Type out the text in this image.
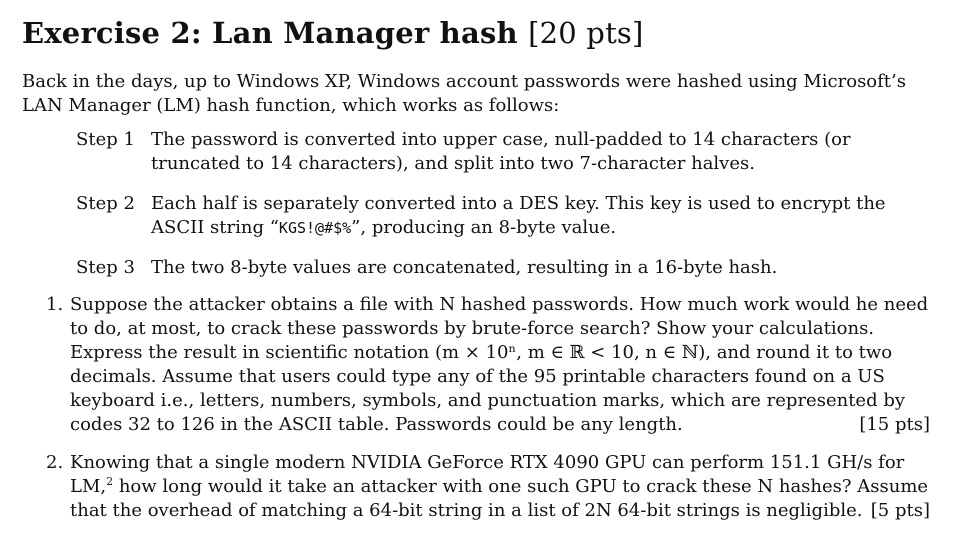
Exercise 2: Lan Manager hash [20 pts]
Back in the days, up to Windows XP, Windows account passwords were hashed using Microsoft’s LAN Manager (LM) hash function, which works as follows:
Step 1 The password is converted into upper case, null-padded to 14 characters (or truncated to 14 characters), and split into two 7-character halves.
Step 2 Each half is separately converted into a DES key. This key is used to encrypt the ASCII string “KGS!@#$%”, producing an 8-byte value.
Step 3 The two 8-byte values are concatenated, resulting in a 16-byte hash.
1. Suppose the attacker obtains a file with N hashed passwords. How much work would he need to do, at most, to crack these passwords by brute-force search? Show your calculations. Express the result in scientific notation (m × 10ⁿ, m ∈ ℝ < 10, n ∈ ℕ), and round it to two decimals. Assume that users could type any of the 95 printable characters found on a US keyboard i.e., letters, numbers, symbols, and punctuation marks, which are represented by codes 32 to 126 in the ASCII table. Passwords could be any length.	[15 pts]
2. Knowing that a single modern NVIDIA GeForce RTX 4090 GPU can perform 151.1 GH/s for LM,$^2$ how long would it take an attacker with one such GPU to crack these N hashes? Assume that the overhead of matching a 64-bit string in a list of 2N 64-bit strings is negligible. [5 pts]
